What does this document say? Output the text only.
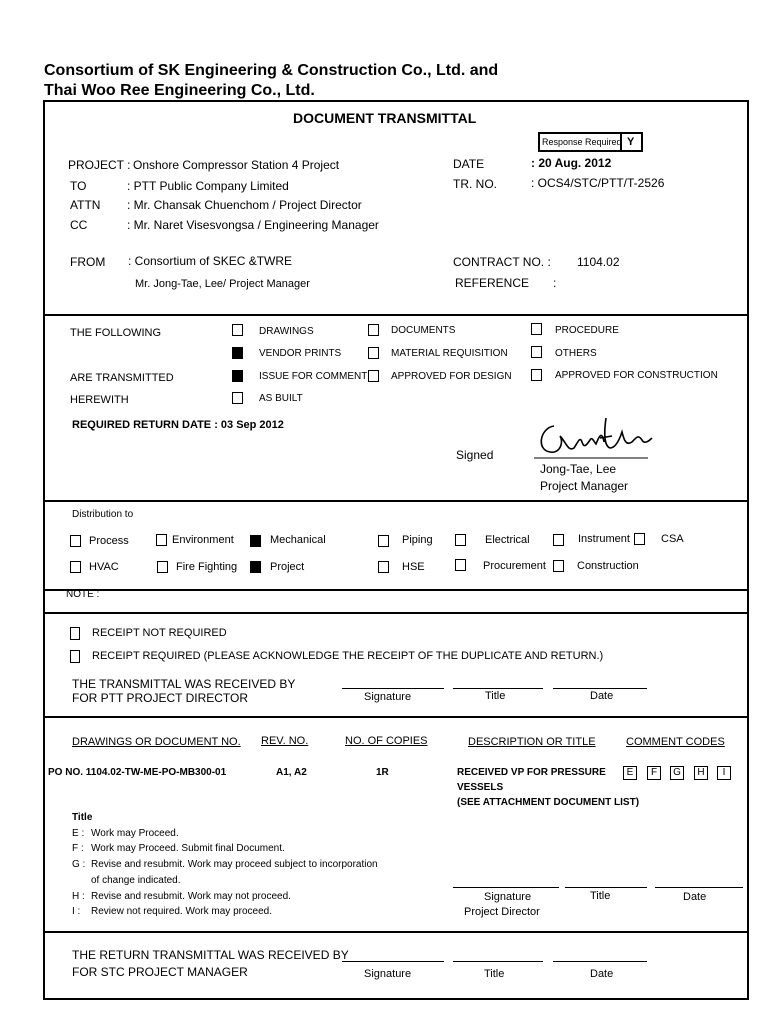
Consortium of SK Engineering & Construction Co., Ltd. and
Thai Woo Ree Engineering Co., Ltd.
DOCUMENT TRANSMITTAL
Response Required Y
PROJECT : Onshore Compressor Station 4 Project
TO	: PTT Public Company Limited
ATTN : Mr. Chansak Chuenchom / Project Director
CC	: Mr. Naret Visesvongsa / Engineering Manager
FROM : Consortium of SKEC &TWRE
Mr. Jong-Tae, Lee/ Project Manager
DATE	: 20 Aug. 2012
TR. NO.	: OCS4/STC/PTT/T-2526
CONTRACT NO. : 1104.02
REFERENCE :
THE FOLLOWING
ARE TRANSMITTED
HEREWITH
DRAWINGS	DOCUMENTS	PROCEDURE
VENDOR PRINTS	MATERIAL REQUISITION	OTHERS
ISSUE FOR COMMENT APPROVED FOR DESIGN	APPROVED FOR CONSTRUCTION
AS BUILT
REQUIRED RETURN DATE : 03 Sep 2012
Signed
Jong-Tae, Lee
Project Manager
Distribution to
Process	Environment	Mechanical	Piping	Electrical	Instrument	CSA
HVAC	Fire Fighting	Project	HSE	Procurement	Construction
NOTE :
RECEIPT NOT REQUIRED
RECEIPT REQUIRED (PLEASE ACKNOWLEDGE THE RECEIPT OF THE DUPLICATE AND RETURN.)
THE TRANSMITTAL WAS RECEIVED BY
FOR PTT PROJECT DIRECTOR	Signature	Title	Date
DRAWINGS OR DOCUMENT NO. REV. NO.	NO. OF COPIES	DESCRIPTION OR TITLE	COMMENT CODES
PO NO. 1104.02-TW-ME-PO-MB300-01	A1, A2	1R	RECEIVED VP FOR PRESSURE
VESSELS
(SEE ATTACHMENT DOCUMENT LIST)
E	F	G	H	I
Title
E : Work may Proceed.
F : Work may Proceed. Submit final Document.
G : Revise and resubmit. Work may proceed subject to incorporation
of change indicated.
H : Revise and resubmit. Work may not proceed.
I : Review not required. Work may proceed.
Signature
Project Director
Title	Date
THE RETURN TRANSMITTAL WAS RECEIVED BY
FOR STC PROJECT MANAGER	Signature	Title	Date
